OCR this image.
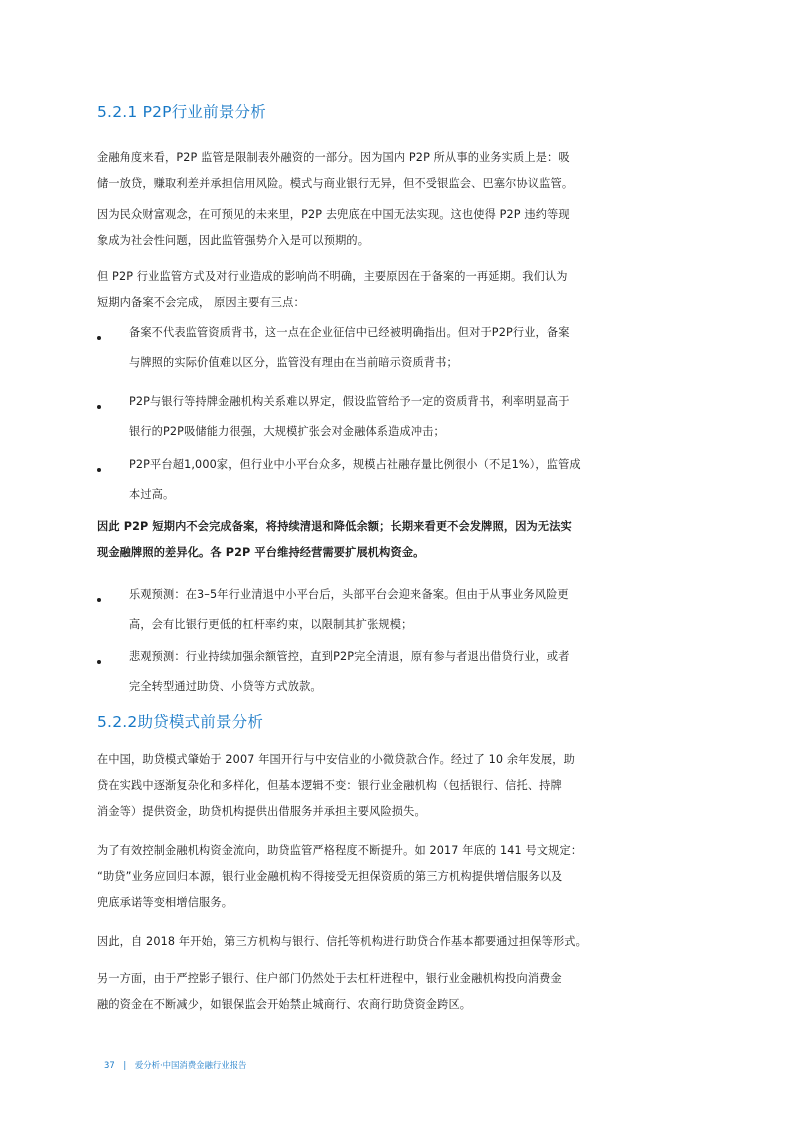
5.2.1 P2P行业前景分析
金融角度来看，P2P 监管是限制表外融资的一部分。因为国内 P2P 所从事的业务实质上是：吸
储一放贷，赚取利差并承担信用风险。模式与商业银行无异，但不受银监会、巴塞尔协议监管。
因为民众财富观念，在可预见的未来里，P2P 去兜底在中国无法实现。这也使得 P2P 违约等现
象成为社会性问题，因此监管强势介入是可以预期的。
但 P2P 行业监管方式及对行业造成的影响尚不明确，主要原因在于备案的一再延期。我们认为
短期内备案不会完成， 原因主要有三点：
备案不代表监管资质背书，这一点在企业征信中已经被明确指出。但对于P2P行业，备案
与牌照的实际价值难以区分，监管没有理由在当前暗示资质背书；
P2P与银行等持牌金融机构关系难以界定，假设监管给予一定的资质背书，利率明显高于
银行的P2P吸储能力很强，大规模扩张会对金融体系造成冲击；
P2P平台超1,000家，但行业中小平台众多，规模占社融存量比例很小（不足1%），监管成
本过高。
因此 P2P 短期内不会完成备案，将持续清退和降低余额；长期来看更不会发牌照，因为无法实
现金融牌照的差异化。各 P2P 平台维持经营需要扩展机构资金。
乐观预测：在3–5年行业清退中小平台后，头部平台会迎来备案。但由于从事业务风险更
高，会有比银行更低的杠杆率约束，以限制其扩张规模；
悲观预测：行业持续加强余额管控，直到P2P完全清退，原有参与者退出借贷行业，或者
完全转型通过助贷、小贷等方式放款。
5.2.2助贷模式前景分析
在中国，助贷模式肇始于 2007 年国开行与中安信业的小微贷款合作。经过了 10 余年发展，助
贷在实践中逐渐复杂化和多样化，但基本逻辑不变：银行业金融机构（包括银行、信托、持牌
消金等）提供资金，助贷机构提供出借服务并承担主要风险损失。
为了有效控制金融机构资金流向，助贷监管严格程度不断提升。如 2017 年底的 141 号文规定：
“助贷”业务应回归本源，银行业金融机构不得接受无担保资质的第三方机构提供增信服务以及
兜底承诺等变相增信服务。
因此，自 2018 年开始，第三方机构与银行、信托等机构进行助贷合作基本都要通过担保等形式。
另一方面，由于严控影子银行、住户部门仍然处于去杠杆进程中，银行业金融机构投向消费金
融的资金在不断减少，如银保监会开始禁止城商行、农商行助贷资金跨区。
37 | 爱分析·中国消费金融行业报告
